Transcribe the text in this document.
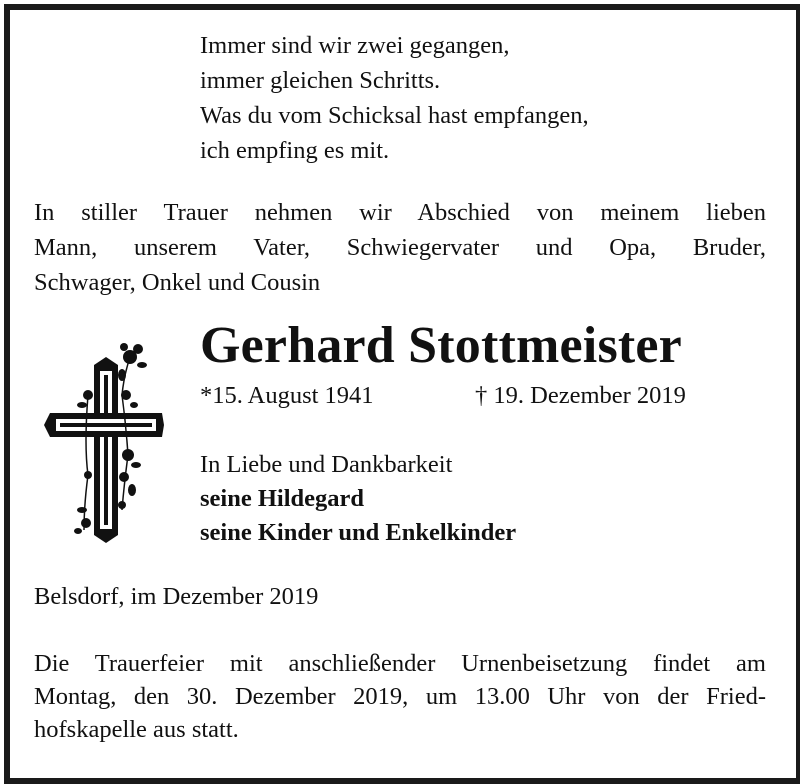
Immer sind wir zwei gegangen,
immer gleichen Schritts.
Was du vom Schicksal hast empfangen,
ich empfing es mit.
In stiller Trauer nehmen wir Abschied von meinem lieben
Mann, unserem Vater, Schwiegervater und Opa, Bruder,
Schwager, Onkel und Cousin
Gerhard Stottmeister
*15. August 1941	† 19. Dezember 2019
In Liebe und Dankbarkeit
seine Hildegard
seine Kinder und Enkelkinder
Belsdorf, im Dezember 2019
Die Trauerfeier mit anschließender Urnenbeisetzung findet am
Montag, den 30. Dezember 2019, um 13.00 Uhr von der Fried-
hofskapelle aus statt.
